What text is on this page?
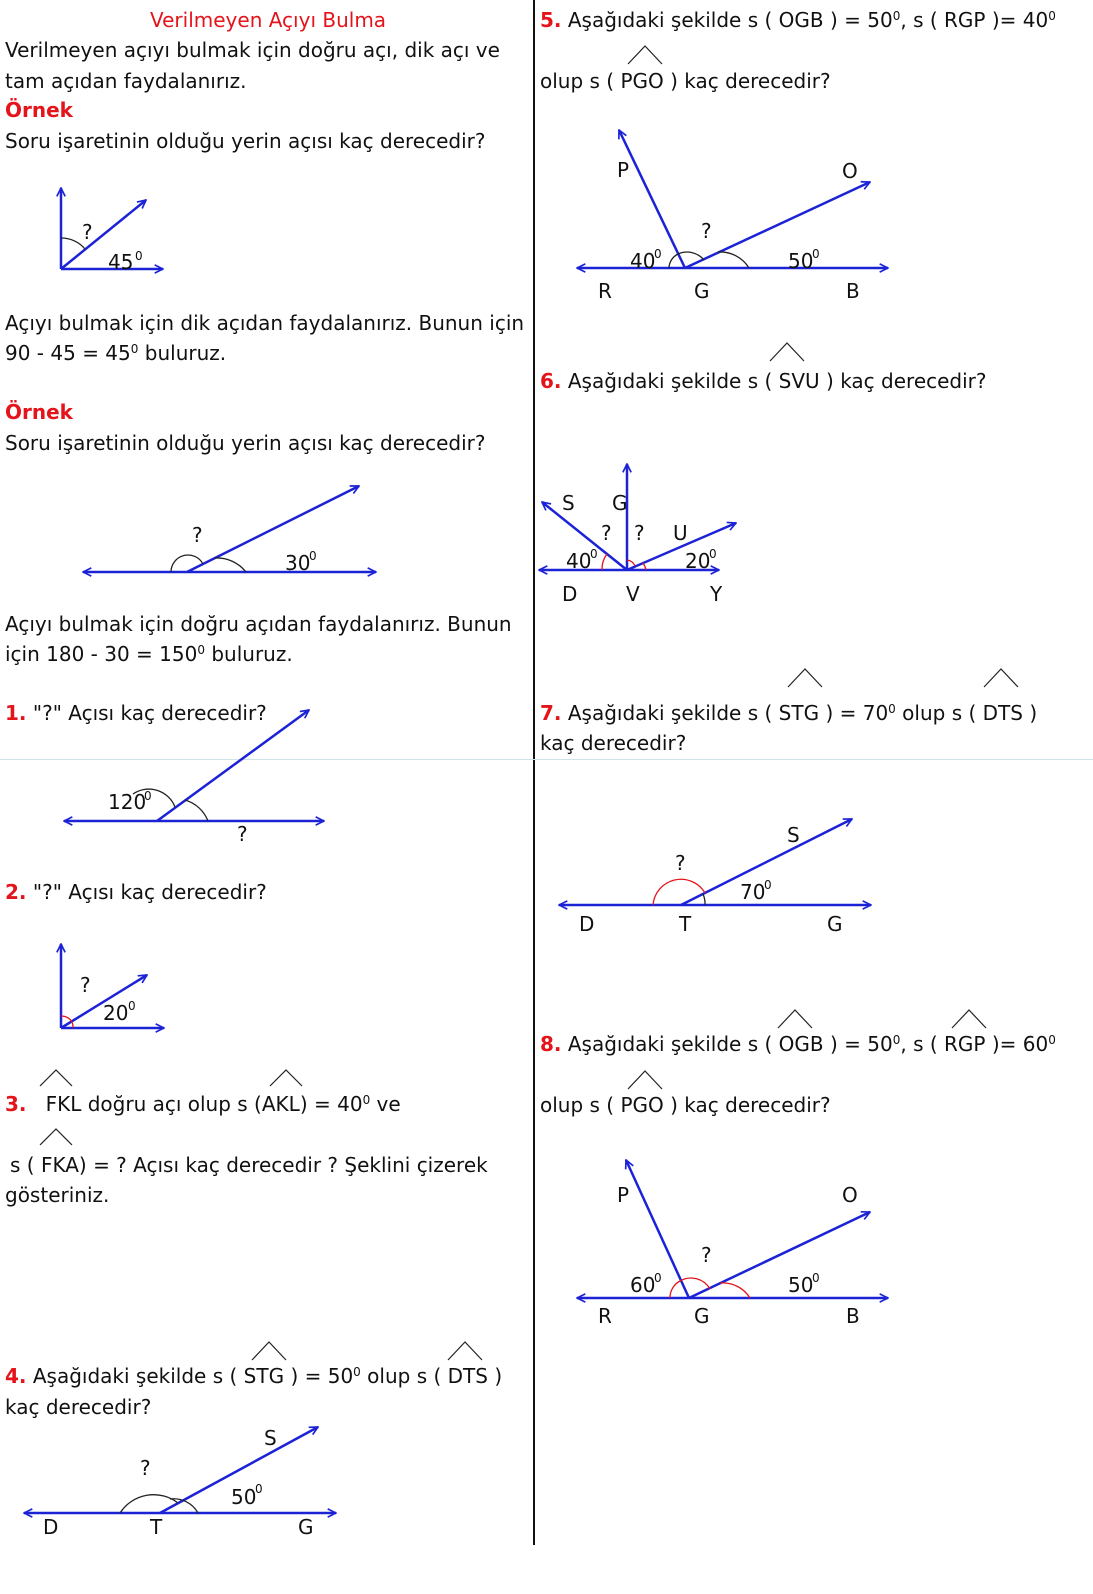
Verilmeyen Açıyı Bulma
Verilmeyen açıyı bulmak için doğru açı, dik açı ve
tam açıdan faydalanırız.
Örnek
Soru işaretinin olduğu yerin açısı kaç derecedir?
?
45 0
Açıyı bulmak için dik açıdan faydalanırız. Bunun için
$90 - 45 = 45^0$ buluruz.
Örnek
Soru işaretinin olduğu yerin açısı kaç derecedir?
?
30
0
Açıyı bulmak için doğru açıdan faydalanırız. Bunun
için $180 - 30 = 150^0$ buluruz.
1. "?" Açısı kaç derecedir?
120
0
?
2. "?" Açısı kaç derecedir?
?
20 0
3. FKL doğru açı olup s $(AKL) = 40^0$ ve
s ( FKA) = ? Açısı kaç derecedir ? Şeklini çizerek
gösteriniz.
4. Aşağıdaki şekilde s ( STG ) = $50^0$ olup s ( DTS )
kaç derecedir?
S
D	T	G
?
50
0
5. Aşağıdaki şekilde s ( OGB ) = $50^0$, s ( RGP )= $40^0$
olup s ( PGO ) kaç derecedir?
P	O
R	G	B
?
40
0	50
0
6. Aşağıdaki şekilde s ( SVU ) kaç derecedir?
S G
U
D V	Y
? ?
40
0	20
0
7. Aşağıdaki şekilde s ( STG ) = $70^0$ olup s ( DTS )
kaç derecedir?
S
D	T	G
?
70
0
8. Aşağıdaki şekilde s ( OGB ) = $50^0$, s ( RGP )= $60^0$
olup s ( PGO ) kaç derecedir?
P	O
R	G	B
?
60
0	50
0
